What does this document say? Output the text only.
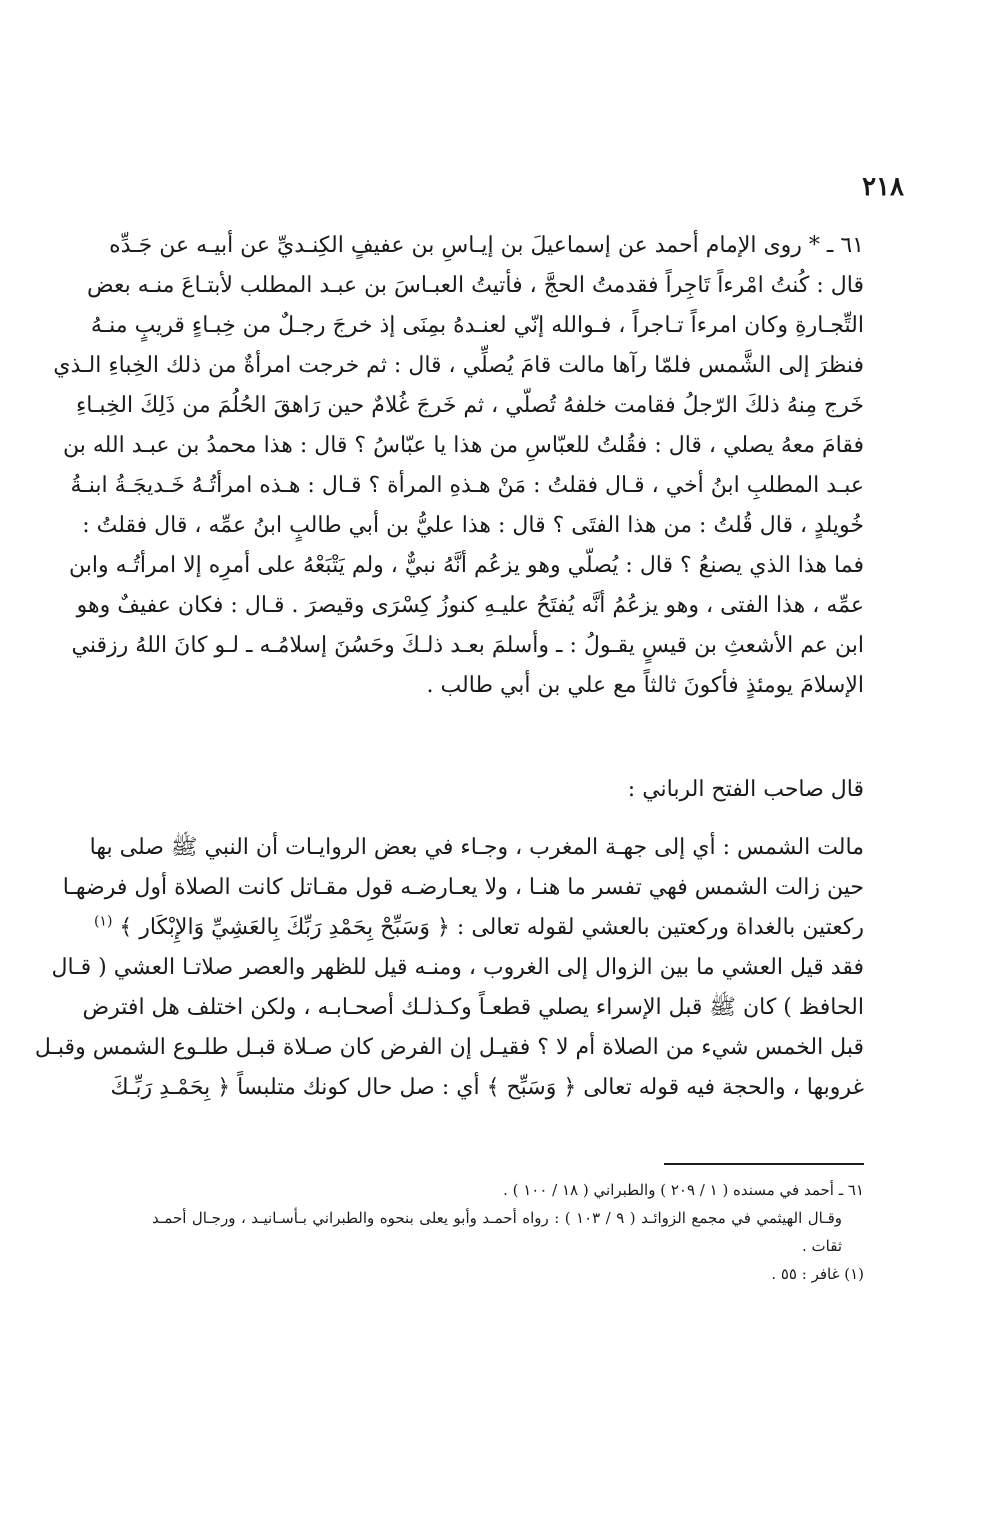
٢١٨
٦١ ـ * روى الإمام أحمد عن إسماعيلَ بن إيـاسِ بن عفيفٍ الكِنـديِّ عن أبيـه عن جَـدِّه
قال : كُنتُ امْرءاً تَاجِراً فقدمتُ الحجَّ ، فأتيتُ العبـاسَ بن عبـد المطلب لأبتـاعَ منـه بعض
التِّجـارةِ وكان امرءاً تـاجراً ، فـوالله إنّي لعنـدهُ بمِنَى إذ خرجَ رجـلٌ من خِبـاءٍ قريبٍ منـهُ
فنظرَ إلى الشَّمس فلمّا رآها مالت قامَ يُصلِّي ، قال : ثم خرجت امرأةٌ من ذلك الخِباءِ الـذي
خَرج مِنهُ ذلكَ الرّجلُ فقامت خلفهُ تُصلّي ، ثم خَرجَ غُلامٌ حين رَاهقَ الحُلُمَ من ذَلِكَ الخِبـاءِ
فقامَ معهُ يصلي ، قال : فقُلتُ للعبّاسِ من هذا يا عبّاسُ ؟ قال : هذا محمدُ بن عبـد الله بن
عبـد المطلبِ ابنُ أخي ، قـال فقلتُ : مَنْ هـذهِ المرأة ؟ قـال : هـذه امرأتُـهُ خَـديجَـةُ ابنـةُ
خُويلدٍ ، قال قُلتُ : من هذا الفتَى ؟ قال : هذا عليُّ بن أبي طالبٍ ابنُ عمِّه ، قال فقلتُ :
فما هذا الذي يصنعُ ؟ قال : يُصلّي وهو يزعُم أنَّهُ نبيٌّ ، ولم يَتْبَعْهُ على أمرِه إلا امرأتُـه وابن
عمِّه ، هذا الفتى ، وهو يزعُمُ أنَّه يُفتَحُ عليـهِ كنوزُ كِسْرَى وقيصرَ . قـال : فكان عفيفٌ وهو
ابن عم الأشعثِ بن قيسٍ يقـولُ : ـ وأسلمَ بعـد ذلـكَ وحَسُنَ إسلامُـه ـ لـو كانَ اللهُ رزقني
الإسلامَ يومئذٍ فأكونَ ثالثاً مع علي بن أبي طالب .
قال صاحب الفتح الرباني :
مالت الشمس : أي إلى جهـة المغرب ، وجـاء في بعض الروايـات أن النبي ﷺ صلى بها
حين زالت الشمس فهي تفسر ما هنـا ، ولا يعـارضـه قول مقـاتل كانت الصلاة أول فرضهـا
ركعتين بالغداة وركعتين بالعشي لقوله تعالى : ﴿ وَسَبِّحْ بِحَمْدِ رَبِّكَ بِالعَشِيِّ وَالإِبْكَار ﴾ $^{(١)}$
فقد قيل العشي ما بين الزوال إلى الغروب ، ومنـه قيل للظهر والعصر صلاتـا العشي ( قـال
الحافظ ) كان ﷺ قبل الإسراء يصلي قطعـاً وكـذلـك أصحـابـه ، ولكن اختلف هل افترض
قبل الخمس شيء من الصلاة أم لا ؟ فقيـل إن الفرض كان صـلاة قبـل طلـوع الشمس وقبـل
غروبها ، والحجة فيه قوله تعالى ﴿ وَسَبِّح ﴾ أي : صل حال كونك متلبساً ﴿ بِحَمْـدِ رَبِّـكَ
٦١ ـ أحمد في مسنده ( ١ / ٢٠٩ ) والطبراني ( ١٨ / ١٠٠ ) .
وقـال الهيثمي في مجمع الزوائـد ( ٩ / ١٠٣ ) : رواه أحمـد وأبو يعلى بنحوه والطبراني بـأسـانيـد ، ورجـال أحمـد
ثقات .
(١) غافر : ٥٥ .
